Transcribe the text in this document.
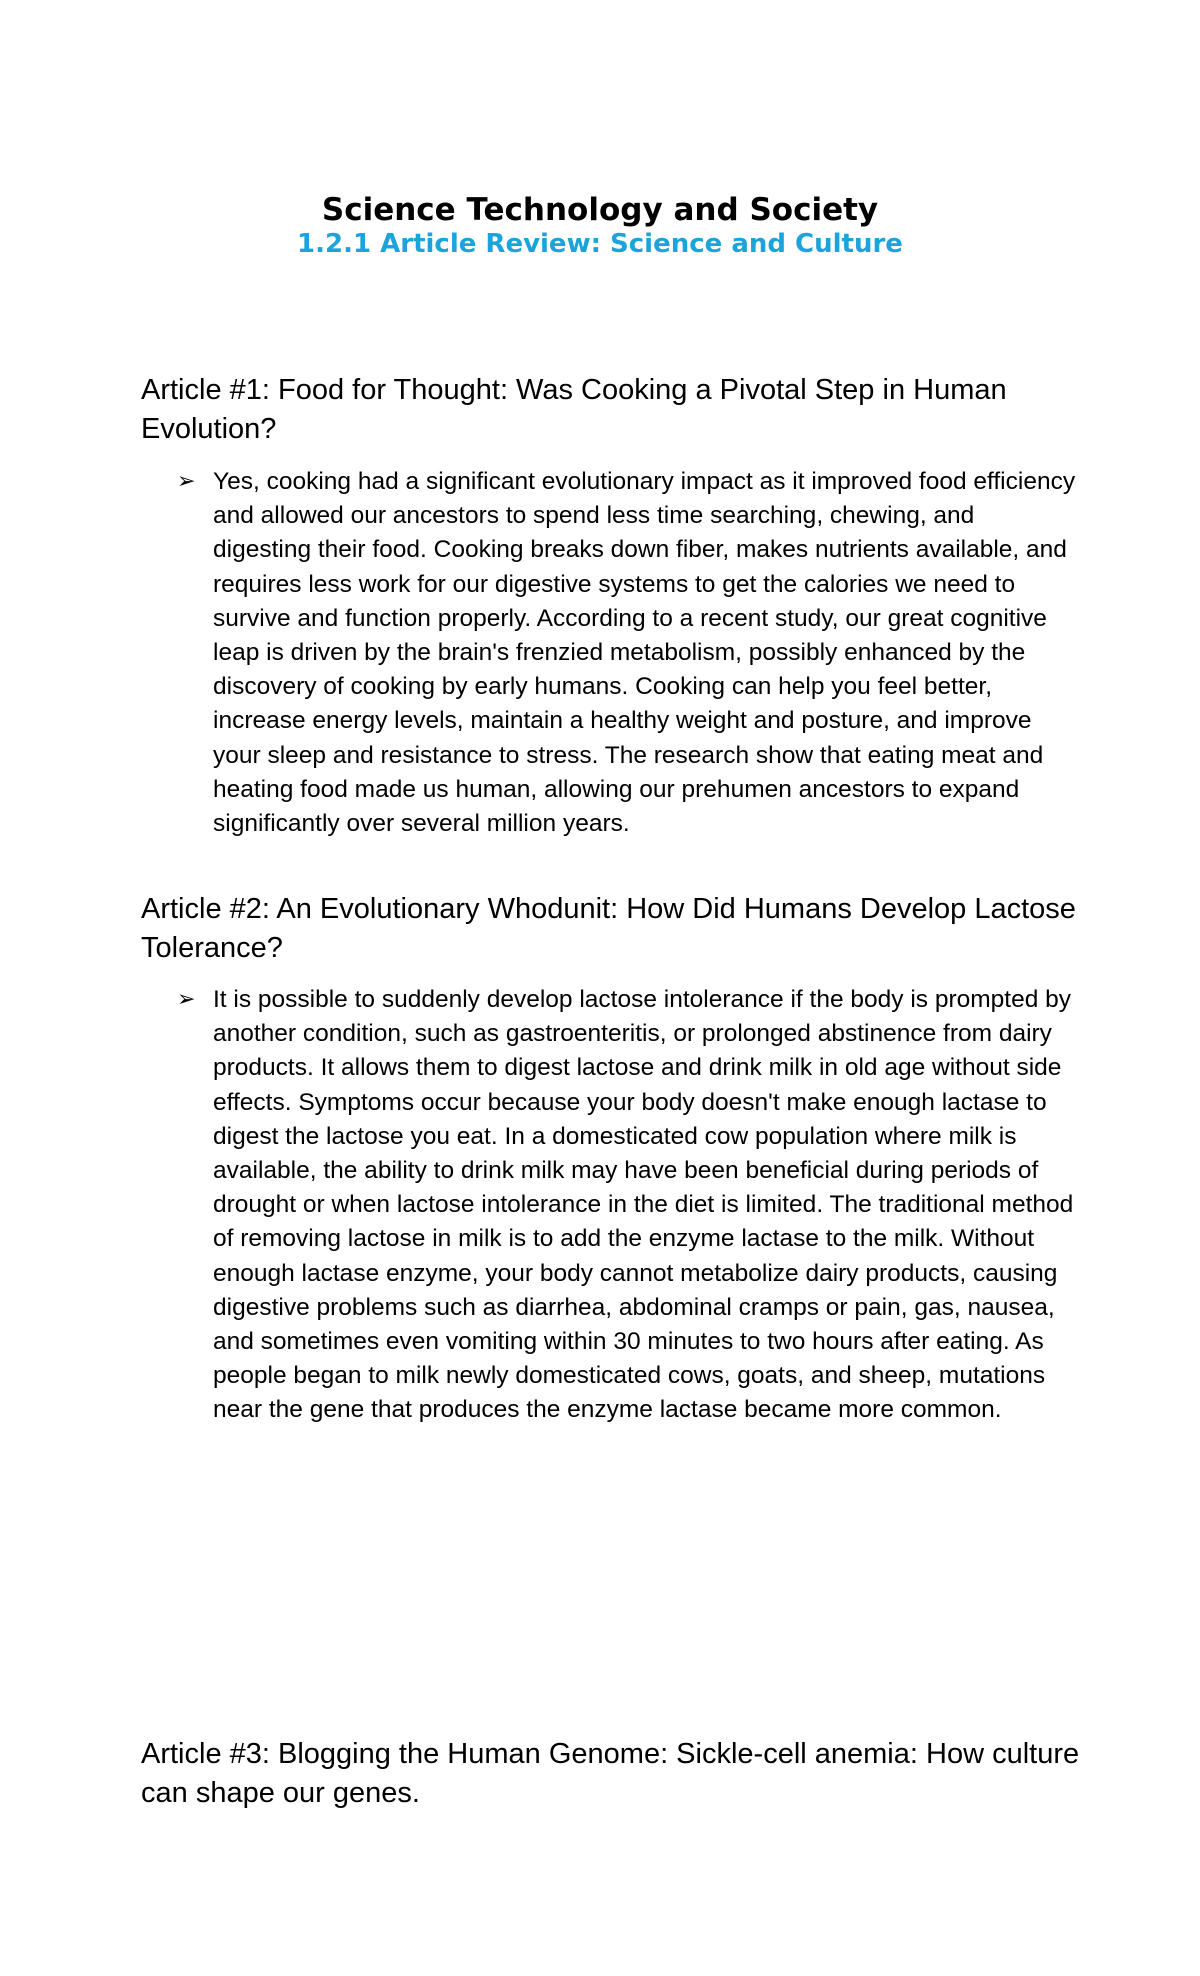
Science Technology and Society
1.2.1 Article Review: Science and Culture
Article #1: Food for Thought: Was Cooking a Pivotal Step in Human Evolution?
➢ Yes, cooking had a significant evolutionary impact as it improved food efficiency and allowed our ancestors to spend less time searching, chewing, and digesting their food. Cooking breaks down fiber, makes nutrients available, and requires less work for our digestive systems to get the calories we need to survive and function properly. According to a recent study, our great cognitive leap is driven by the brain's frenzied metabolism, possibly enhanced by the discovery of cooking by early humans. Cooking can help you feel better, increase energy levels, maintain a healthy weight and posture, and improve your sleep and resistance to stress. The research show that eating meat and heating food made us human, allowing our prehumen ancestors to expand significantly over several million years.
Article #2: An Evolutionary Whodunit: How Did Humans Develop Lactose Tolerance?
➢ It is possible to suddenly develop lactose intolerance if the body is prompted by another condition, such as gastroenteritis, or prolonged abstinence from dairy products. It allows them to digest lactose and drink milk in old age without side effects. Symptoms occur because your body doesn't make enough lactase to digest the lactose you eat. In a domesticated cow population where milk is available, the ability to drink milk may have been beneficial during periods of drought or when lactose intolerance in the diet is limited. The traditional method of removing lactose in milk is to add the enzyme lactase to the milk. Without enough lactase enzyme, your body cannot metabolize dairy products, causing digestive problems such as diarrhea, abdominal cramps or pain, gas, nausea, and sometimes even vomiting within 30 minutes to two hours after eating. As people began to milk newly domesticated cows, goats, and sheep, mutations near the gene that produces the enzyme lactase became more common.
Article #3: Blogging the Human Genome: Sickle-cell anemia: How culture can shape our genes.
